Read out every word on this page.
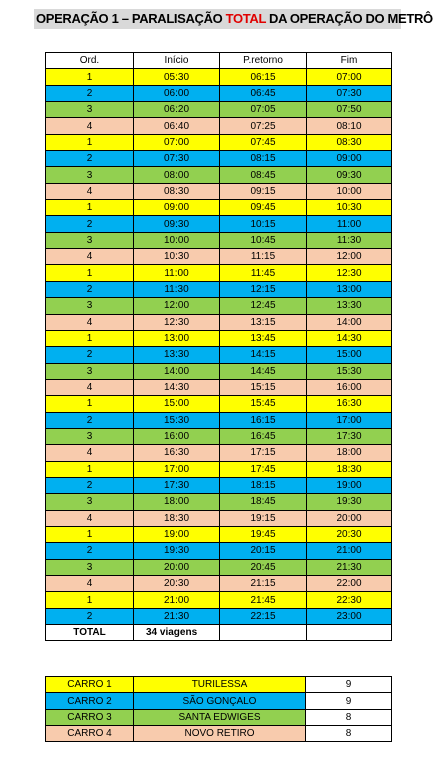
OPERAÇÃO 1 – PARALISAÇÃO TOTAL DA OPERAÇÃO DO METRÔ
Ord.	Início	P.retorno	Fim
1	05:30	06:15	07:00
2	06:00	06:45	07:30
3	06:20	07:05	07:50
4	06:40	07:25	08:10
1	07:00	07:45	08:30
2	07:30	08:15	09:00
3	08:00	08:45	09:30
4	08:30	09:15	10:00
1	09:00	09:45	10:30
2	09:30	10:15	11:00
3	10:00	10:45	11:30
4	10:30	11:15	12:00
1	11:00	11:45	12:30
2	11:30	12:15	13:00
3	12:00	12:45	13:30
4	12:30	13:15	14:00
1	13:00	13:45	14:30
2	13:30	14:15	15:00
3	14:00	14:45	15:30
4	14:30	15:15	16:00
1	15:00	15:45	16:30
2	15:30	16:15	17:00
3	16:00	16:45	17:30
4	16:30	17:15	18:00
1	17:00	17:45	18:30
2	17:30	18:15	19:00
3	18:00	18:45	19:30
4	18:30	19:15	20:00
1	19:00	19:45	20:30
2	19:30	20:15	21:00
3	20:00	20:45	21:30
4	20:30	21:15	22:00
1	21:00	21:45	22:30
2	21:30	22:15	23:00
TOTAL	34 viagens		
CARRO 1	TURILESSA	9
CARRO 2	SÃO GONÇALO	9
CARRO 3	SANTA EDWIGES	8
CARRO 4	NOVO RETIRO	8
